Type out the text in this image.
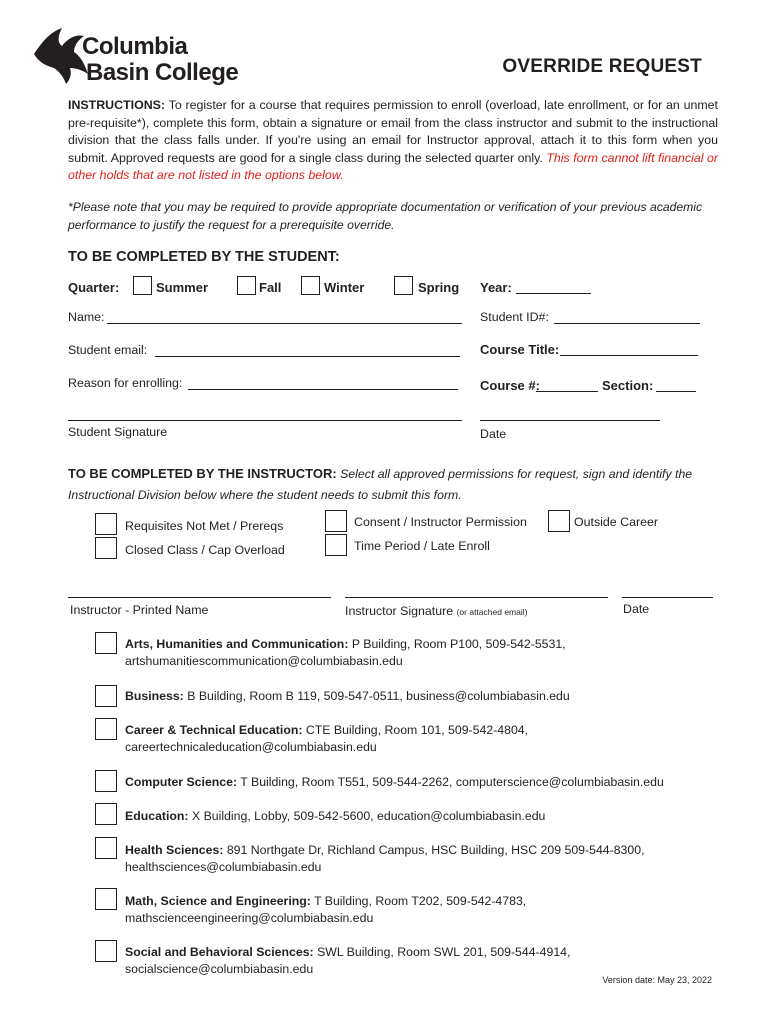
Columbia
Basin College	OVERRIDE REQUEST
INSTRUCTIONS: To register for a course that requires permission to enroll (overload, late enrollment, or for an unmet pre-requisite*), complete this form, obtain a signature or email from the class instructor and submit to the instructional division that the class falls under. If you're using an email for Instructor approval, attach it to this form when you submit. Approved requests are good for a single class during the selected quarter only. This form cannot lift financial or other holds that are not listed in the options below.
*Please note that you may be required to provide appropriate documentation or verification of your previous academic performance to justify the request for a prerequisite override.
TO BE COMPLETED BY THE STUDENT:
Quarter:	Summer	Fall	Winter	Spring Year:
Name:	Student ID#:
Student email:	Course Title:
Reason for enrolling:	Course #:	Section:
Student Signature	Date
TO BE COMPLETED BY THE INSTRUCTOR: Select all approved permissions for request, sign and identify the Instructional Division below where the student needs to submit this form.
Requisites Not Met / Prereqs
Closed Class / Cap Overload
Consent / Instructor Permission
Time Period / Late Enroll
Outside Career
Instructor - Printed Name	Instructor Signature (or attached email)	Date
Arts, Humanities and Communication: P Building, Room P100, 509-542-5531,
artshumanitiescommunication@columbiabasin.edu
Business: B Building, Room B 119, 509-547-0511, business@columbiabasin.edu
Career & Technical Education: CTE Building, Room 101, 509-542-4804,
careertechnicaleducation@columbiabasin.edu
Computer Science: T Building, Room T551, 509-544-2262, computerscience@columbiabasin.edu
Education: X Building, Lobby, 509-542-5600, education@columbiabasin.edu
Health Sciences: 891 Northgate Dr, Richland Campus, HSC Building, HSC 209 509-544-8300,
healthsciences@columbiabasin.edu
Math, Science and Engineering: T Building, Room T202, 509-542-4783,
mathscienceengineering@columbiabasin.edu
Social and Behavioral Sciences: SWL Building, Room SWL 201, 509-544-4914,
socialscience@columbiabasin.edu
Version date: May 23, 2022
